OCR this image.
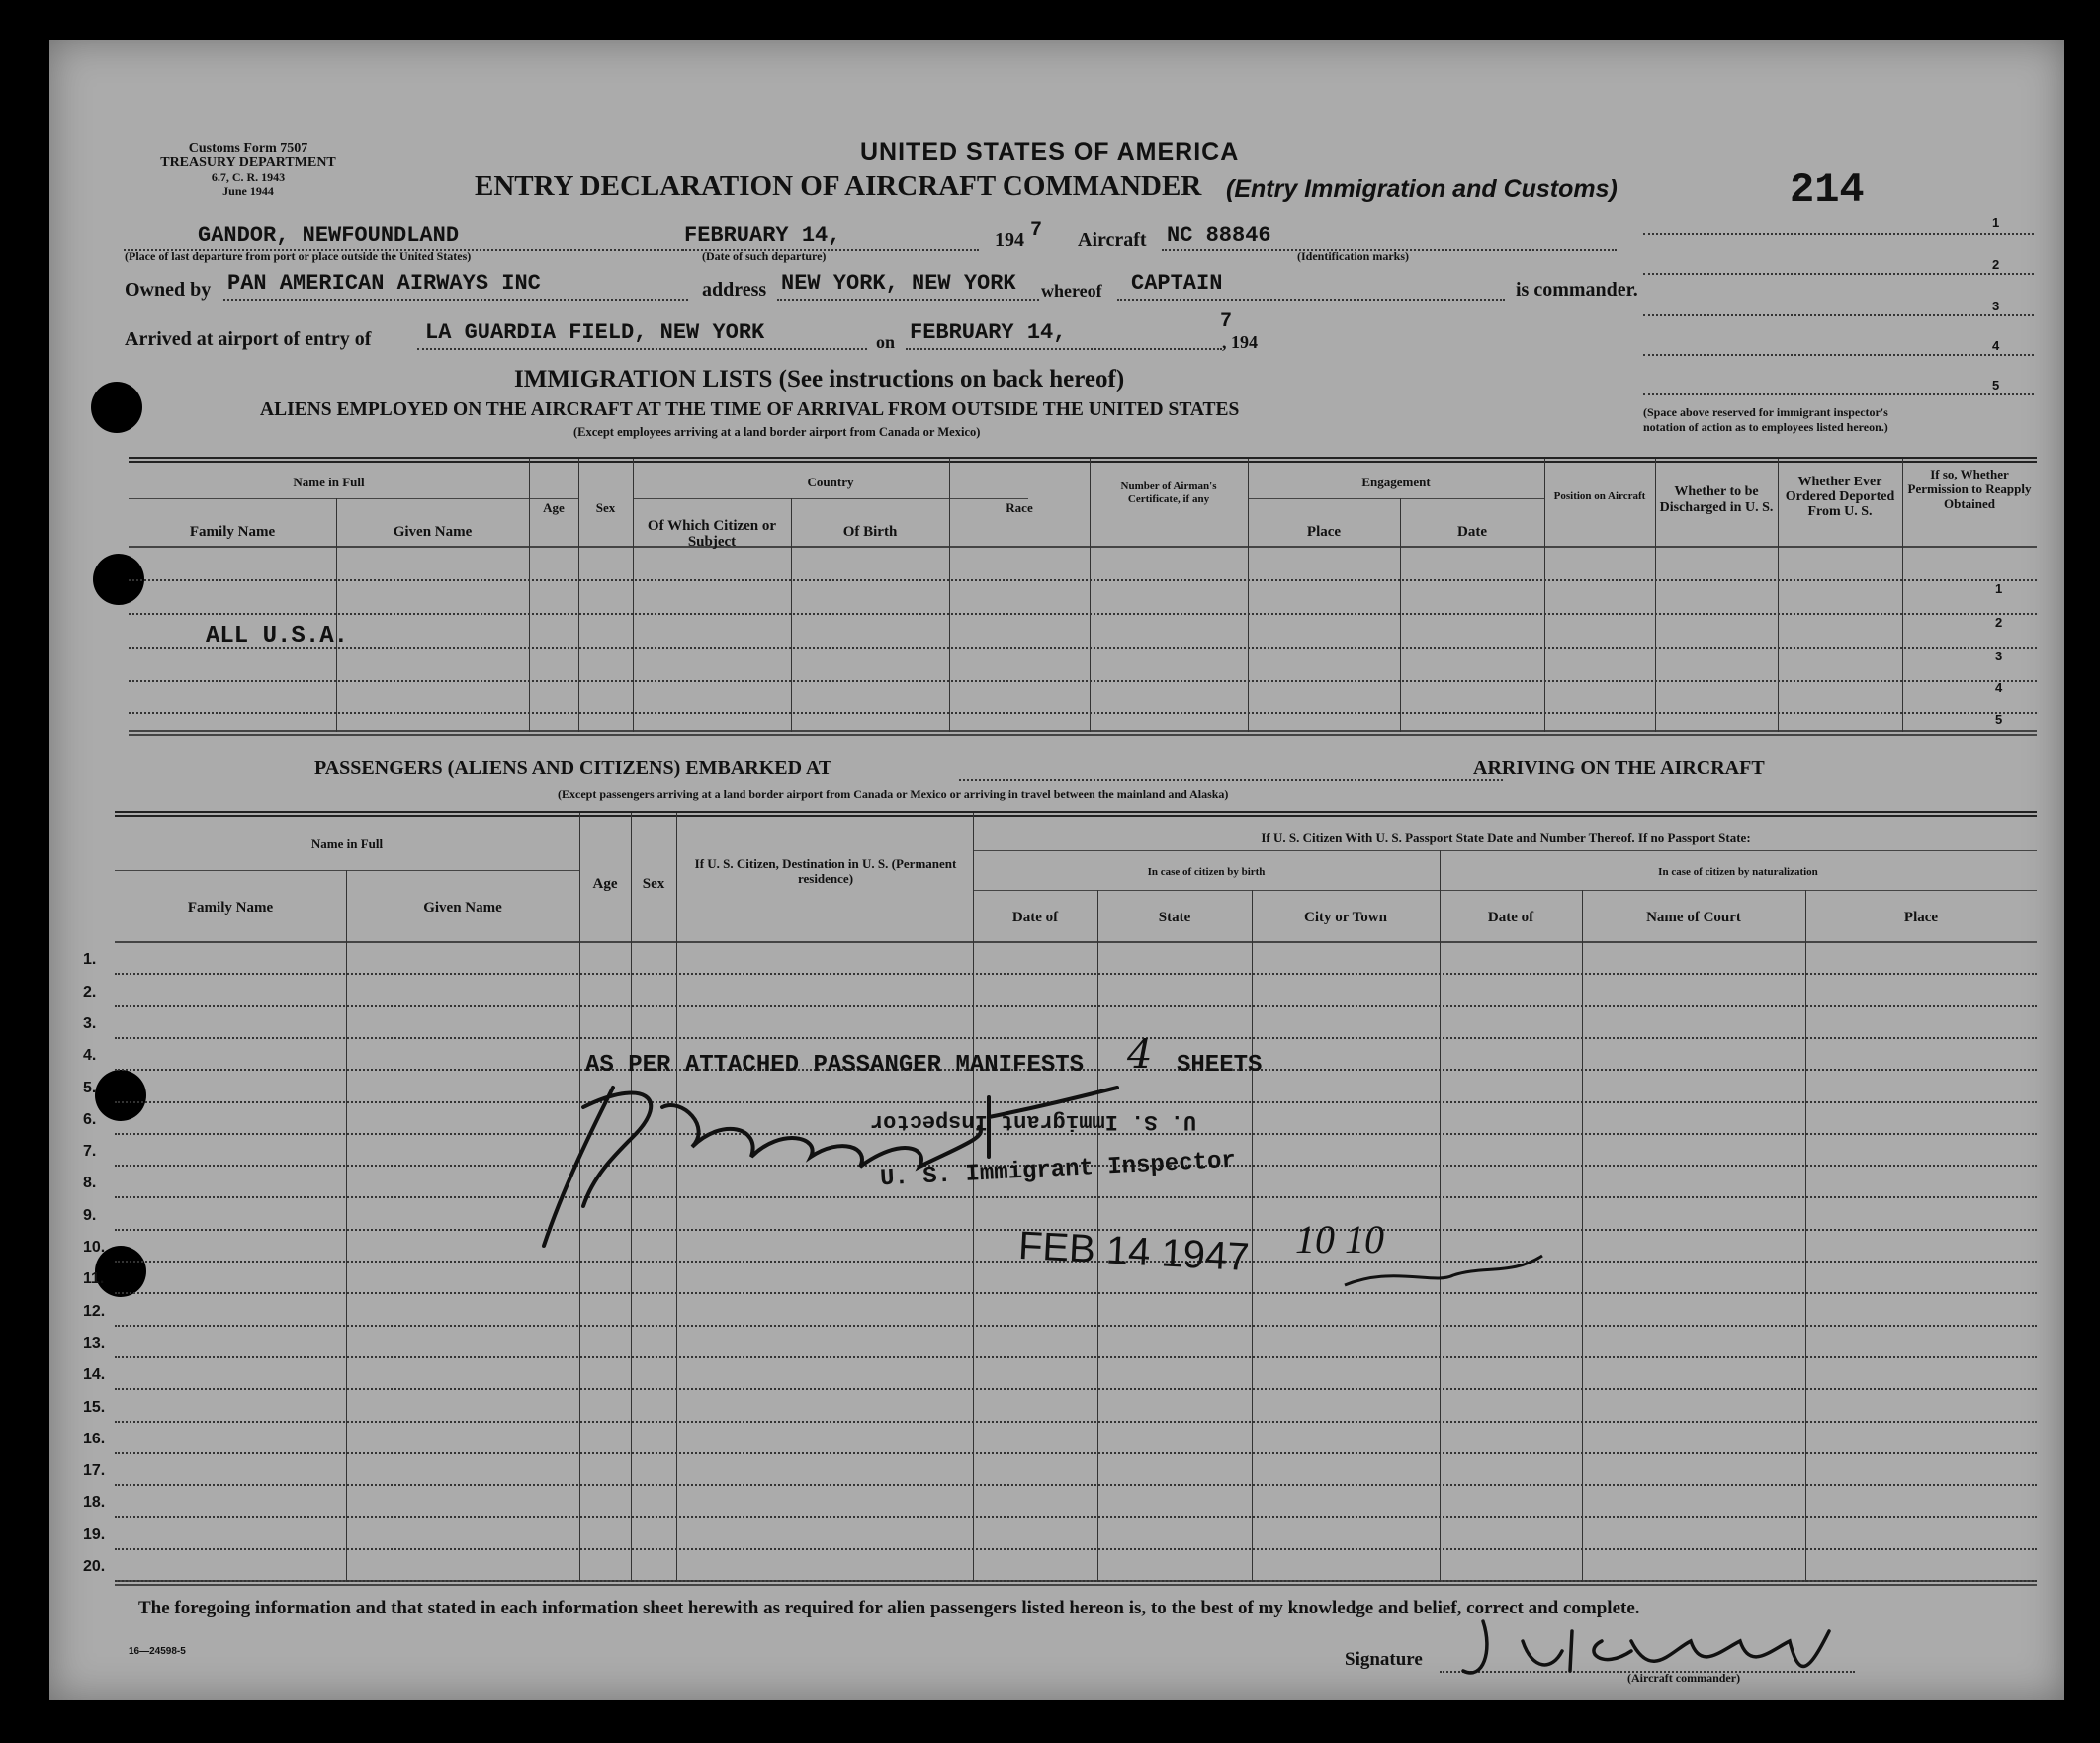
Customs Form 7507
TREASURY DEPARTMENT
6.7, C. R. 1943
June 1944
UNITED STATES OF AMERICA
ENTRY DECLARATION OF AIRCRAFT COMMANDER (Entry Immigration and Customs)	214
1
2
3
4
5
(Space above reserved for immigrant inspector's
notation of action as to employees listed hereon.)
GANDOR, NEWFOUNDLAND
(Place of last departure from port or place outside the United States)
FEBRUARY 14,
(Date of such departure)
194 7 Aircraft NC 88846
(Identification marks)
Owned by PAN AMERICAN AIRWAYS INC	address NEW YORK, NEW YORK whereof CAPTAIN	is commander.
Arrived at airport of entry of LA GUARDIA FIELD, NEW YORK	on FEBRUARY 14,	, 194
7
IMMIGRATION LISTS (See instructions on back hereof)
ALIENS EMPLOYED ON THE AIRCRAFT AT THE TIME OF ARRIVAL FROM OUTSIDE THE UNITED STATES
(Except employees arriving at a land border airport from Canada or Mexico)
Name in Full
Family Name	Given Name
Age	Sex
Country
Of Which Citizen or Subject
Of Birth
Race
Number of Airman's Certificate, if any
Engagement
Place	Date
Position on Aircraft	Whether to be Discharged in U. S.
Whether Ever Ordered Deported From U. S.
If so, Whether Permission to Reapply Obtained
1
2
3
4
5
ALL U.S.A.
PASSENGERS (ALIENS AND CITIZENS) EMBARKED AT	ARRIVING ON THE AIRCRAFT
(Except passengers arriving at a land border airport from Canada or Mexico or arriving in travel between the mainland and Alaska)
Name in Full
Family Name	Given Name
Age	Sex
If U. S. Citizen, Destination in U. S. (Permanent residence)
If U. S. Citizen With U. S. Passport State Date and Number Thereof. If no Passport State:
In case of citizen by birth	In case of citizen by naturalization
Date of	State	City or Town	Date of	Name of Court	Place
1.
2.
3.
4.
5.
6.
7.
8.
9.
10.
11.
12.
13.
14.
15.
16.
17.
18.
19.
20.
AS PER ATTACHED PASSANGER MANIFESTS 4 SHEETS
U. S. Immigrant Inspector
U. S. Immigrant Inspector
FEB 14 1947 10 10
The foregoing information and that stated in each information sheet herewith as required for alien passengers listed hereon is, to the best of my knowledge and belief, correct and complete.
16—24598-5	Signature
(Aircraft commander)
